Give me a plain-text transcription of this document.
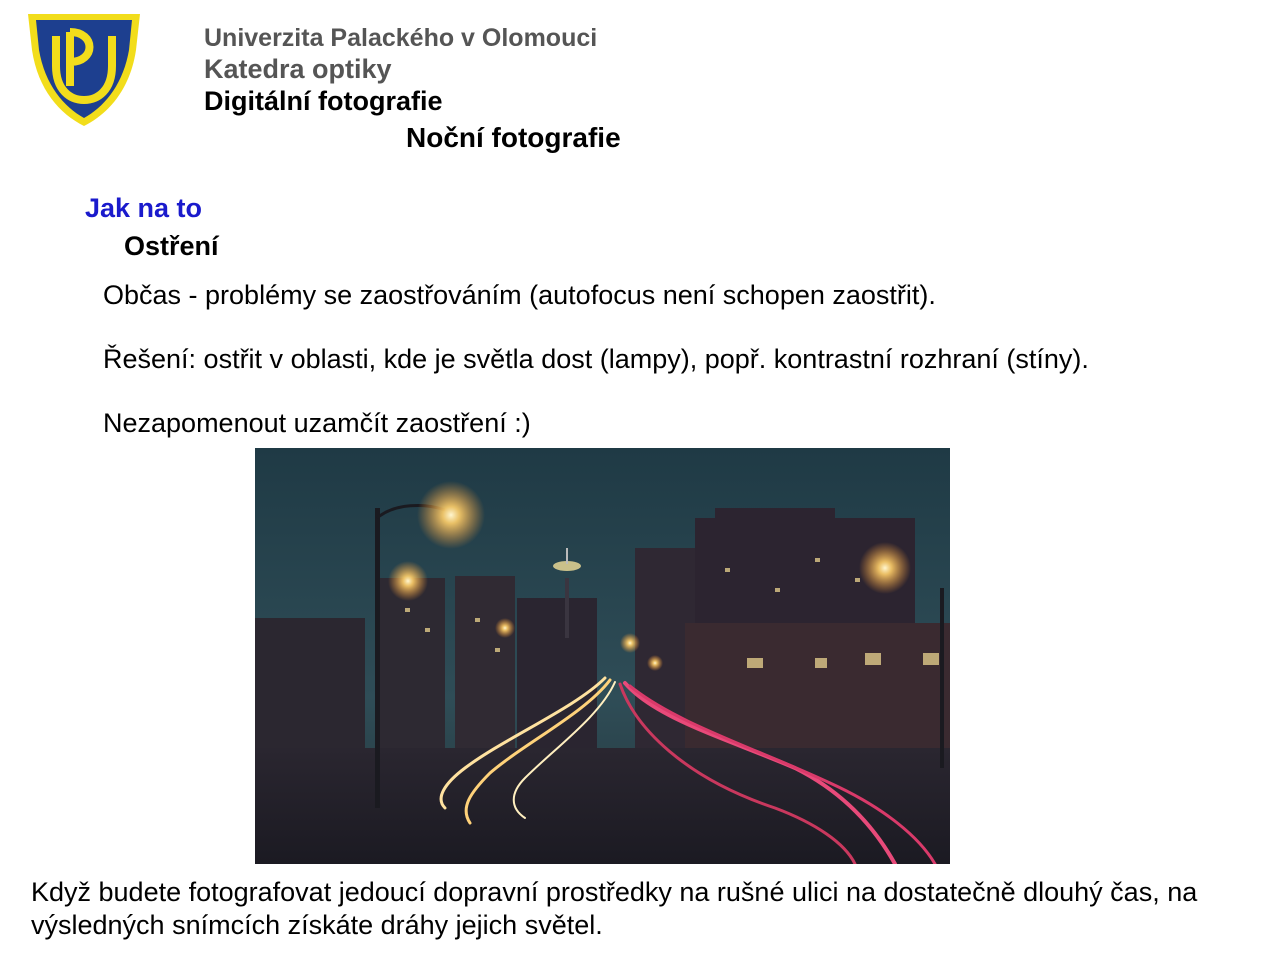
Univerzita Palackého v Olomouci
Katedra optiky
Digitální fotografie
Noční fotografie
Jak na to
Ostření
Občas - problémy se zaostřováním (autofocus není schopen zaostřit).
Řešení: ostřit v oblasti, kde je světla dost (lampy), popř. kontrastní rozhraní (stíny).
Nezapomenout uzamčít zaostření :)
Když budete fotografovat jedoucí dopravní prostředky na rušné ulici na dostatečně dlouhý čas, na výsledných snímcích získáte dráhy jejich světel.
